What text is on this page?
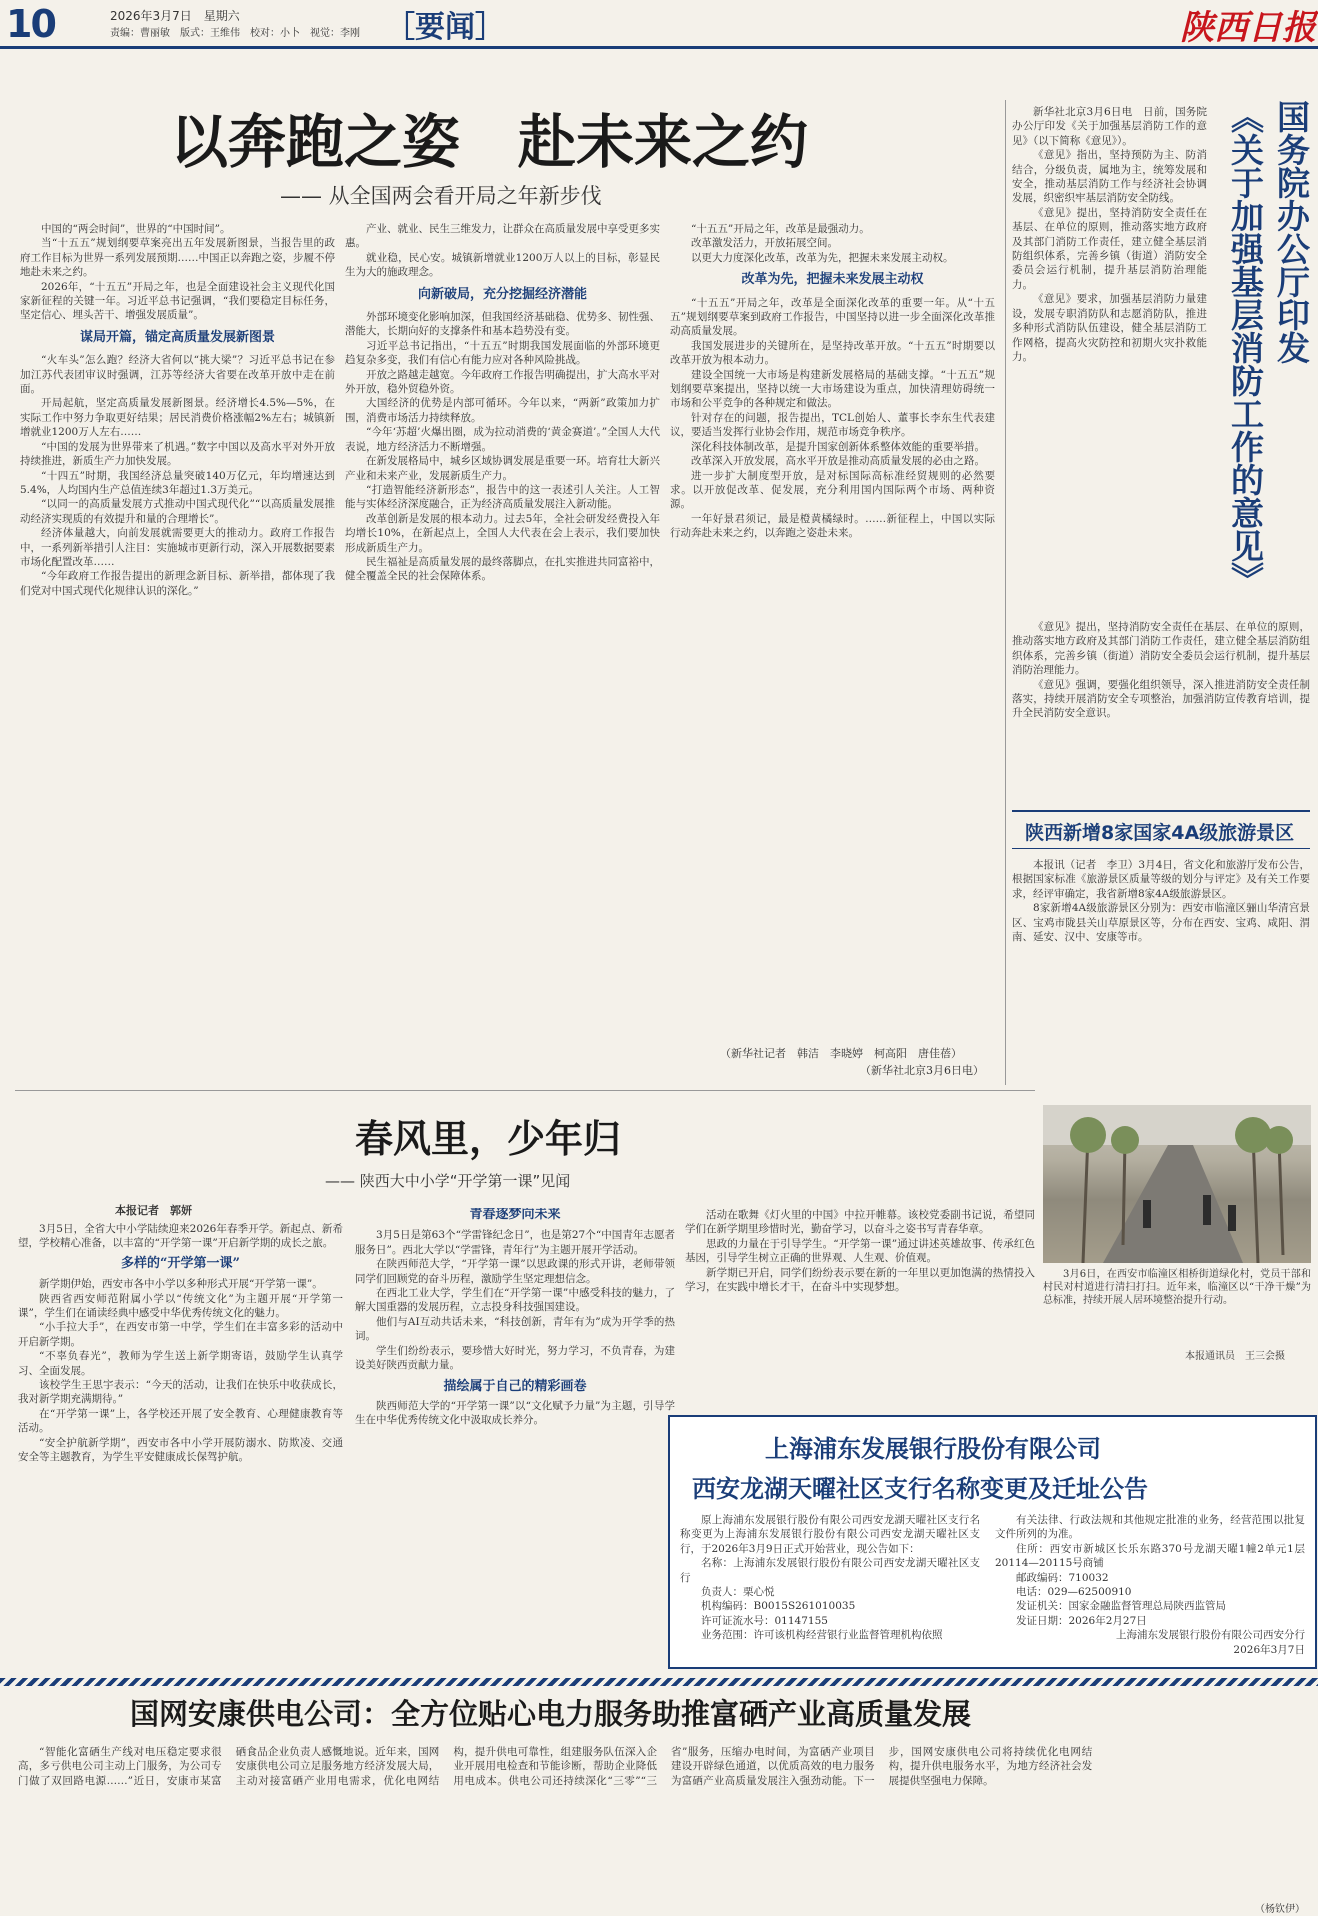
10	2026年3月7日　星期六
责编：曹丽敏　版式：王维伟　校对：小卜　视觉：李刚 ［要闻］	陕西日报
以奔跑之姿　赴未来之约
—— 从全国两会看开局之年新步伐

中国的“两会时间”，世界的“中国时间”。

当“十五五”规划纲要草案亮出五年发展新图景，当报告里的政府工作目标为世界一系列发展预期……中国正以奔跑之姿，步履不停地赴未来之约。

2026年，“十五五”开局之年，也是全面建设社会主义现代化国家新征程的关键一年。习近平总书记强调，“我们要稳定目标任务，坚定信心、埋头苦干、增强发展质量”。

谋局开篇，锚定高质量发展新图景

“火车头”怎么跑？经济大省何以“挑大梁”？习近平总书记在参加江苏代表团审议时强调，江苏等经济大省要在改革开放中走在前面。

开局起航，坚定高质量发展新图景。经济增长4.5%—5%，在实际工作中努力争取更好结果；居民消费价格涨幅2%左右；城镇新增就业1200万人左右……

“中国的发展为世界带来了机遇。”数字中国以及高水平对外开放持续推进，新质生产力加快发展。

“十四五”时期，我国经济总量突破140万亿元，年均增速达到5.4%，人均国内生产总值连续3年超过1.3万美元。

“以同一的高质量发展方式推动中国式现代化”“以高质量发展推动经济实现质的有效提升和量的合理增长”。

经济体量越大，向前发展就需要更大的推动力。政府工作报告中，一系列新举措引人注目：实施城市更新行动，深入开展数据要素市场化配置改革……

“今年政府工作报告提出的新理念新目标、新举措，都体现了我们党对中国式现代化规律认识的深化。”

产业、就业、民生三维发力，让群众在高质量发展中享受更多实惠。

就业稳，民心安。城镇新增就业1200万人以上的目标，彰显民生为大的施政理念。

向新破局，充分挖掘经济潜能

外部环境变化影响加深，但我国经济基础稳、优势多、韧性强、潜能大，长期向好的支撑条件和基本趋势没有变。

习近平总书记指出，“十五五”时期我国发展面临的外部环境更趋复杂多变，我们有信心有能力应对各种风险挑战。

开放之路越走越宽。今年政府工作报告明确提出，扩大高水平对外开放，稳外贸稳外资。

大国经济的优势是内部可循环。今年以来，“两新”政策加力扩围，消费市场活力持续释放。

“今年‘苏超’火爆出圈，成为拉动消费的‘黄金赛道’。”全国人大代表说，地方经济活力不断增强。

在新发展格局中，城乡区域协调发展是重要一环。培育壮大新兴产业和未来产业，发展新质生产力。

“打造智能经济新形态”，报告中的这一表述引人关注。人工智能与实体经济深度融合，正为经济高质量发展注入新动能。

改革创新是发展的根本动力。过去5年，全社会研发经费投入年均增长10%，在新起点上，全国人大代表在会上表示，我们要加快形成新质生产力。

民生福祉是高质量发展的最终落脚点，在扎实推进共同富裕中，健全覆盖全民的社会保障体系。

“十五五”开局之年，改革是最强动力。

改革激发活力，开放拓展空间。

以更大力度深化改革，改革为先，把握未来发展主动权。

改革为先，把握未来发展主动权

“十五五”开局之年，改革是全面深化改革的重要一年。从“十五五”规划纲要草案到政府工作报告，中国坚持以进一步全面深化改革推动高质量发展。

我国发展进步的关键所在，是坚持改革开放。“十五五”时期要以改革开放为根本动力。

建设全国统一大市场是构建新发展格局的基础支撑。“十五五”规划纲要草案提出，坚持以统一大市场建设为重点，加快清理妨碍统一市场和公平竞争的各种规定和做法。

针对存在的问题，报告提出，TCL创始人、董事长李东生代表建议，要适当发挥行业协会作用，规范市场竞争秩序。

深化科技体制改革，是提升国家创新体系整体效能的重要举措。

改革深入开放发展，高水平开放是推动高质量发展的必由之路。

进一步扩大制度型开放，是对标国际高标准经贸规则的必然要求。以开放促改革、促发展，充分利用国内国际两个市场、两种资源。

一年好景君须记，最是橙黄橘绿时。……新征程上，中国以实际行动奔赴未来之约，以奔跑之姿赴未来。

（新华社记者　韩洁　李晓婷　柯高阳　唐佳蓓）
（新华社北京3月6日电）
国务院办公厅印发
《关于加强基层消防工作的意见》

新华社北京3月6日电　日前，国务院办公厅印发《关于加强基层消防工作的意见》（以下简称《意见》）。

《意见》指出，坚持预防为主、防消结合，分级负责，属地为主，统筹发展和安全，推动基层消防工作与经济社会协调发展，织密织牢基层消防安全防线。

《意见》提出，坚持消防安全责任在基层、在单位的原则，推动落实地方政府及其部门消防工作责任，建立健全基层消防组织体系，完善乡镇（街道）消防安全委员会运行机制，提升基层消防治理能力。

《意见》要求，加强基层消防力量建设，发展专职消防队和志愿消防队，推进多种形式消防队伍建设，健全基层消防工作网格，提高火灾防控和初期火灾扑救能力。

《意见》提出，坚持消防安全责任在基层、在单位的原则，推动落实地方政府及其部门消防工作责任，建立健全基层消防组织体系，完善乡镇（街道）消防安全委员会运行机制，提升基层消防治理能力。

《意见》强调，要强化组织领导，深入推进消防安全责任制落实，持续开展消防安全专项整治，加强消防宣传教育培训，提升全民消防安全意识。

陕西新增8家国家4A级旅游景区

本报讯（记者　李卫）3月4日，省文化和旅游厅发布公告，根据国家标准《旅游景区质量等级的划分与评定》及有关工作要求，经评审确定，我省新增8家4A级旅游景区。

8家新增4A级旅游景区分别为：西安市临潼区骊山华清宫景区、宝鸡市陇县关山草原景区等，分布在西安、宝鸡、咸阳、渭南、延安、汉中、安康等市。

3月6日，在西安市临潼区相桥街道绿化村，党员干部和村民对村道进行清扫打扫。近年来，临潼区以“干净干燥”为总标准，持续开展人居环境整治提升行动。

本报通讯员　王三会摄
春风里，少年归
—— 陕西大中小学“开学第一课”见闻
本报记者　郭妍

3月5日，全省大中小学陆续迎来2026年春季开学。新起点、新希望，学校精心准备，以丰富的“开学第一课”开启新学期的成长之旅。

多样的“开学第一课”

新学期伊始，西安市各中小学以多种形式开展“开学第一课”。

陕西省西安师范附属小学以“传统文化”为主题开展“开学第一课”，学生们在诵读经典中感受中华优秀传统文化的魅力。

“小手拉大手”，在西安市第一中学，学生们在丰富多彩的活动中开启新学期。

“不辜负春光”，教师为学生送上新学期寄语，鼓励学生认真学习、全面发展。

该校学生王思宇表示：“今天的活动，让我们在快乐中收获成长，我对新学期充满期待。”

在“开学第一课”上，各学校还开展了安全教育、心理健康教育等活动。

“安全护航新学期”，西安市各中小学开展防溺水、防欺凌、交通安全等主题教育，为学生平安健康成长保驾护航。

青春逐梦向未来

3月5日是第63个“学雷锋纪念日”，也是第27个“中国青年志愿者服务日”。西北大学以“学雷锋，青年行”为主题开展开学活动。

在陕西师范大学，“开学第一课”以思政课的形式开讲，老师带领同学们回顾党的奋斗历程，激励学生坚定理想信念。

在西北工业大学，学生们在“开学第一课”中感受科技的魅力，了解大国重器的发展历程，立志投身科技强国建设。

他们与AI互动共话未来，“科技创新，青年有为”成为开学季的热词。

学生们纷纷表示，要珍惜大好时光，努力学习，不负青春，为建设美好陕西贡献力量。

描绘属于自己的精彩画卷

陕西师范大学的“开学第一课”以“文化赋予力量”为主题，引导学生在中华优秀传统文化中汲取成长养分。

活动在歌舞《灯火里的中国》中拉开帷幕。该校党委副书记说，希望同学们在新学期里珍惜时光，勤奋学习，以奋斗之姿书写青春华章。

思政的力量在于引导学生。“开学第一课”通过讲述英雄故事、传承红色基因，引导学生树立正确的世界观、人生观、价值观。

新学期已开启，同学们纷纷表示要在新的一年里以更加饱满的热情投入学习，在实践中增长才干，在奋斗中实现梦想。

上海浦东发展银行股份有限公司
西安龙湖天曜社区支行名称变更及迁址公告

原上海浦东发展银行股份有限公司西安龙湖天曜社区支行名称变更为上海浦东发展银行股份有限公司西安龙湖天曜社区支行，于2026年3月9日正式开始营业，现公告如下：

名称：上海浦东发展银行股份有限公司西安龙湖天曜社区支行

负责人：栗心悦

机构编码：B0015S261010035

许可证流水号：01147155

业务范围：许可该机构经营银行业监督管理机构依照

有关法律、行政法规和其他规定批准的业务，经营范围以批复文件所列的为准。

住所：西安市新城区长乐东路370号龙湖天曜1幢2单元1层20114—20115号商铺

邮政编码：710032

电话：029—62500910

发证机关：国家金融监督管理总局陕西监管局

发证日期：2026年2月27日

上海浦东发展银行股份有限公司西安分行
2026年3月7日
国网安康供电公司：全方位贴心电力服务助推富硒产业高质量发展

“智能化富硒生产线对电压稳定要求很高，多亏供电公司主动上门服务，为公司专门做了双回路电源……”近日，安康市某富硒食品企业负责人感慨地说。近年来，国网安康供电公司立足服务地方经济发展大局，主动对接富硒产业用电需求，优化电网结构，提升供电可靠性，组建服务队伍深入企业开展用电检查和节能诊断，帮助企业降低用电成本。供电公司还持续深化“三零”“三省”服务，压缩办电时间，为富硒产业项目建设开辟绿色通道，以优质高效的电力服务为富硒产业高质量发展注入强劲动能。下一步，国网安康供电公司将持续优化电网结构，提升供电服务水平，为地方经济社会发展提供坚强电力保障。

（杨钦伊）
